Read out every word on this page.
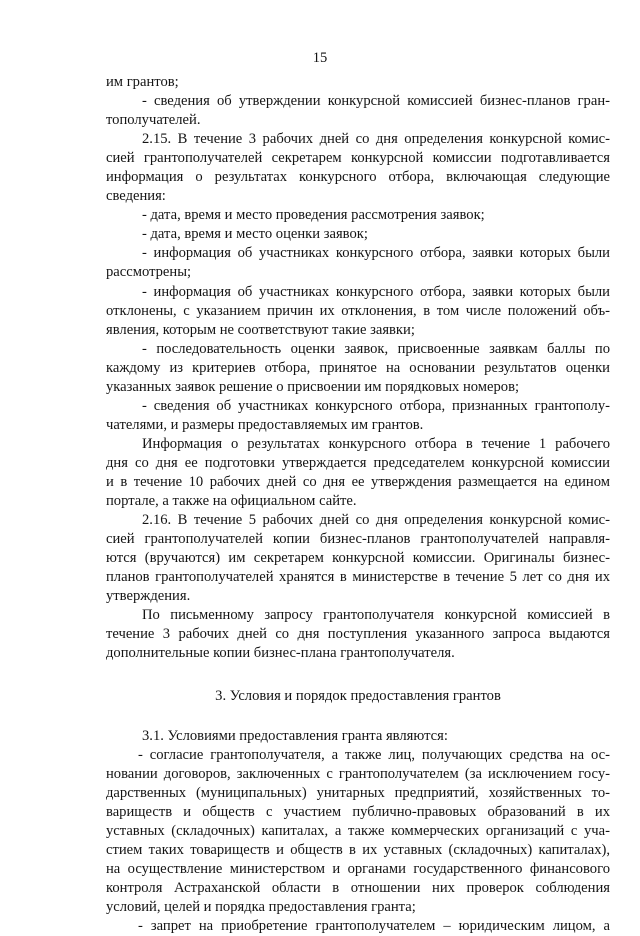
15
им грантов;
- сведения об утверждении конкурсной комиссией бизнес-планов гран-
тополучателей.
2.15. В течение 3 рабочих дней со дня определения конкурсной комис-
сией грантополучателей секретарем конкурсной комиссии подготавливается
информация о результатах конкурсного отбора, включающая следующие
сведения:
- дата, время и место проведения рассмотрения заявок;
- дата, время и место оценки заявок;
- информация об участниках конкурсного отбора, заявки которых были
рассмотрены;
- информация об участниках конкурсного отбора, заявки которых были
отклонены, с указанием причин их отклонения, в том числе положений объ-
явления, которым не соответствуют такие заявки;
- последовательность оценки заявок, присвоенные заявкам баллы по
каждому из критериев отбора, принятое на основании результатов оценки
указанных заявок решение о присвоении им порядковых номеров;
- сведения об участниках конкурсного отбора, признанных грантополу-
чателями, и размеры предоставляемых им грантов.
Информация о результатах конкурсного отбора в течение 1 рабочего
дня со дня ее подготовки утверждается председателем конкурсной комиссии
и в течение 10 рабочих дней со дня ее утверждения размещается на едином
портале, а также на официальном сайте.
2.16. В течение 5 рабочих дней со дня определения конкурсной комис-
сией грантополучателей копии бизнес-планов грантополучателей направля-
ются (вручаются) им секретарем конкурсной комиссии. Оригиналы бизнес-
планов грантополучателей хранятся в министерстве в течение 5 лет со дня их
утверждения.
По письменному запросу грантополучателя конкурсной комиссией в
течение 3 рабочих дней со дня поступления указанного запроса выдаются
дополнительные копии бизнес-плана грантополучателя.
3. Условия и порядок предоставления грантов
3.1. Условиями предоставления гранта являются:
- согласие грантополучателя, а также лиц, получающих средства на ос-
новании договоров, заключенных с грантополучателем (за исключением госу-
дарственных (муниципальных) унитарных предприятий, хозяйственных то-
вариществ и обществ с участием публично-правовых образований в их
уставных (складочных) капиталах, а также коммерческих организаций с уча-
стием таких товариществ и обществ в их уставных (складочных) капиталах),
на осуществление министерством и органами государственного финансового
контроля Астраханской области в отношении них проверок соблюдения
условий, целей и порядка предоставления гранта;
- запрет на приобретение грантополучателем – юридическим лицом, а
